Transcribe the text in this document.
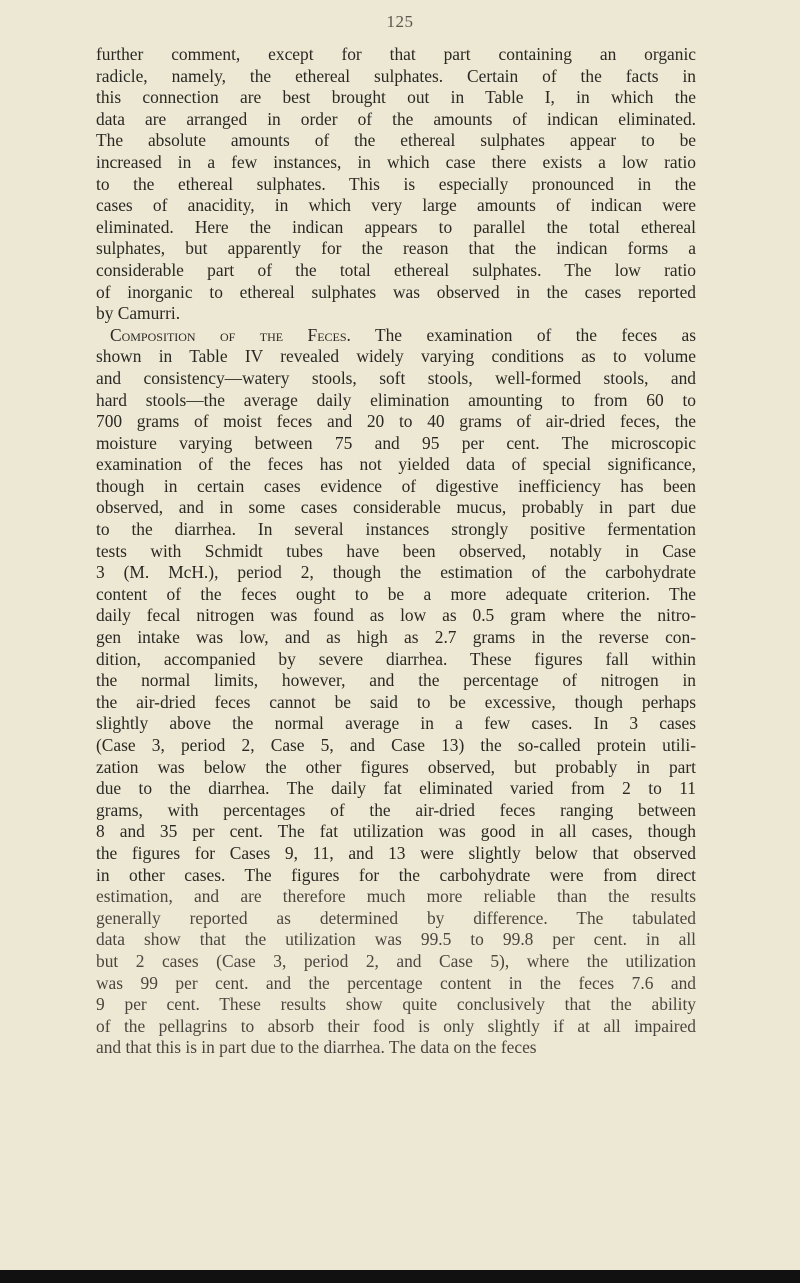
125
further comment, except for that part containing an organic
radicle, namely, the ethereal sulphates. Certain of the facts in
this connection are best brought out in Table I, in which the
data are arranged in order of the amounts of indican eliminated.
The absolute amounts of the ethereal sulphates appear to be
increased in a few instances, in which case there exists a low ratio
to the ethereal sulphates. This is especially pronounced in the
cases of anacidity, in which very large amounts of indican were
eliminated. Here the indican appears to parallel the total ethereal
sulphates, but apparently for the reason that the indican forms a
considerable part of the total ethereal sulphates. The low ratio
of inorganic to ethereal sulphates was observed in the cases reported
by Camurri.
Composition of the Feces. The examination of the feces as
shown in Table IV revealed widely varying conditions as to volume
and consistency—watery stools, soft stools, well-formed stools, and
hard stools—the average daily elimination amounting to from 60 to
700 grams of moist feces and 20 to 40 grams of air-dried feces, the
moisture varying between 75 and 95 per cent. The microscopic
examination of the feces has not yielded data of special significance,
though in certain cases evidence of digestive inefficiency has been
observed, and in some cases considerable mucus, probably in part due
to the diarrhea. In several instances strongly positive fermentation
tests with Schmidt tubes have been observed, notably in Case
3 (M. McH.), period 2, though the estimation of the carbohydrate
content of the feces ought to be a more adequate criterion. The
daily fecal nitrogen was found as low as 0.5 gram where the nitro-
gen intake was low, and as high as 2.7 grams in the reverse con-
dition, accompanied by severe diarrhea. These figures fall within
the normal limits, however, and the percentage of nitrogen in
the air-dried feces cannot be said to be excessive, though perhaps
slightly above the normal average in a few cases. In 3 cases
(Case 3, period 2, Case 5, and Case 13) the so-called protein utili-
zation was below the other figures observed, but probably in part
due to the diarrhea. The daily fat eliminated varied from 2 to 11
grams, with percentages of the air-dried feces ranging between
8 and 35 per cent. The fat utilization was good in all cases, though
the figures for Cases 9, 11, and 13 were slightly below that observed
in other cases. The figures for the carbohydrate were from direct
estimation, and are therefore much more reliable than the results
generally reported as determined by difference. The tabulated
data show that the utilization was 99.5 to 99.8 per cent. in all
but 2 cases (Case 3, period 2, and Case 5), where the utilization
was 99 per cent. and the percentage content in the feces 7.6 and
9 per cent. These results show quite conclusively that the ability
of the pellagrins to absorb their food is only slightly if at all impaired
and that this is in part due to the diarrhea. The data on the feces
